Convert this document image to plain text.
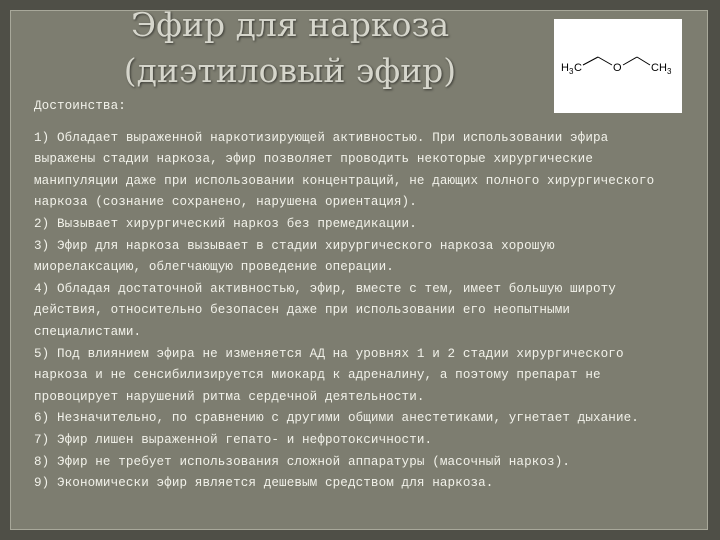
Эфир для наркоза
(диэтиловый эфир)	H 3 C	O	CH 3
Достоинства:
1) Обладает выраженной наркотизирующей активностью. При использовании эфира
выражены стадии наркоза, эфир позволяет проводить некоторые хирургические
манипуляции даже при использовании концентраций, не дающих полного хирургического
наркоза (сознание сохранено, нарушена ориентация).
2) Вызывает хирургический наркоз без премедикации.
3) Эфир для наркоза вызывает в стадии хирургического наркоза хорошую
миорелаксацию, облегчающую проведение операции.
4) Обладая достаточной активностью, эфир, вместе с тем, имеет большую широту
действия, относительно безопасен даже при использовании его неопытными
специалистами.
5) Под влиянием эфира не изменяется АД на уровнях 1 и 2 стадии хирургического
наркоза и не сенсибилизируется миокард к адреналину, а поэтому препарат не
провоцирует нарушений ритма сердечной деятельности.
6) Незначительно, по сравнению с другими общими анестетиками, угнетает дыхание.
7) Эфир лишен выраженной гепато- и нефротоксичности.
8) Эфир не требует использования сложной аппаратуры (масочный наркоз).
9) Экономически эфир является дешевым средством для наркоза.
